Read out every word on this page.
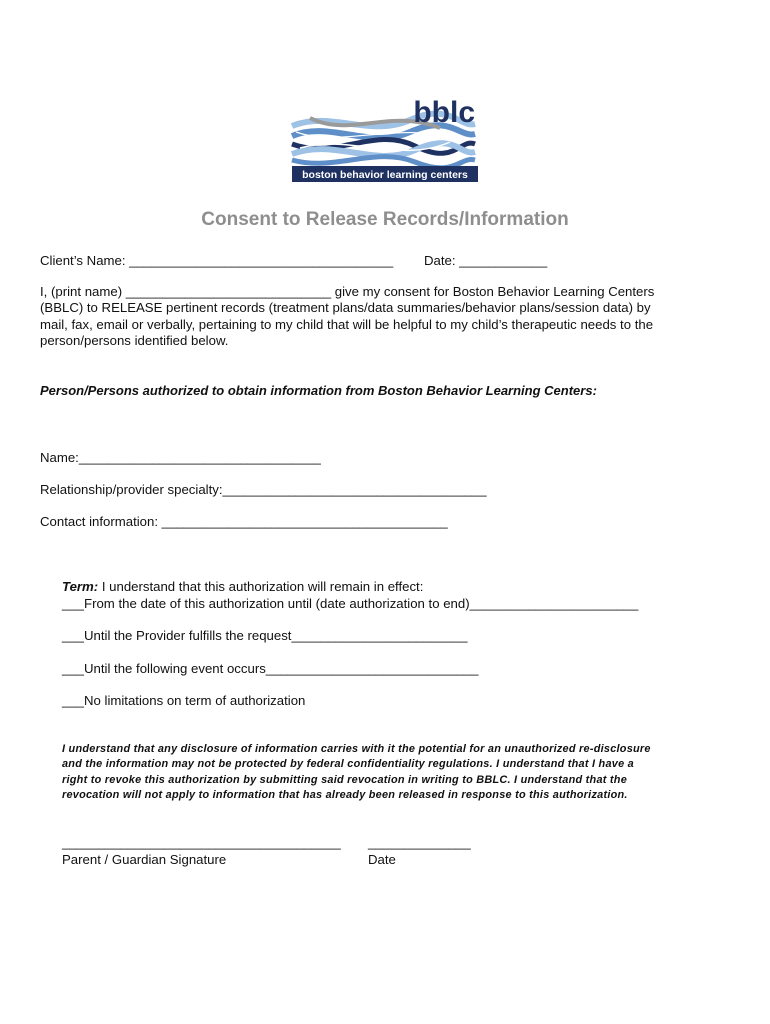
bblc
boston behavior learning centers
Consent to Release Records/Information
Client’s Name: ____________________________________ Date: ____________
I, (print name) ____________________________ give my consent for Boston Behavior Learning Centers
(BBLC) to RELEASE pertinent records (treatment plans/data summaries/behavior plans/session data) by
mail, fax, email or verbally, pertaining to my child that will be helpful to my child’s therapeutic needs to the
person/persons identified below.
Person/Persons authorized to obtain information from Boston Behavior Learning Centers:
Name:_________________________________
Relationship/provider specialty:____________________________________
Contact information: _______________________________________
Term: I understand that this authorization will remain in effect:
___From the date of this authorization until (date authorization to end)_______________________
___Until the Provider fulfills the request________________________
___Until the following event occurs_____________________________
___No limitations on term of authorization
I understand that any disclosure of information carries with it the potential for an unauthorized re-disclosure
and the information may not be protected by federal confidentiality regulations. I understand that I have a
right to revoke this authorization by submitting said revocation in writing to BBLC. I understand that the
revocation will not apply to information that has already been released in response to this authorization.
______________________________________ ______________
Parent / Guardian Signature	Date
